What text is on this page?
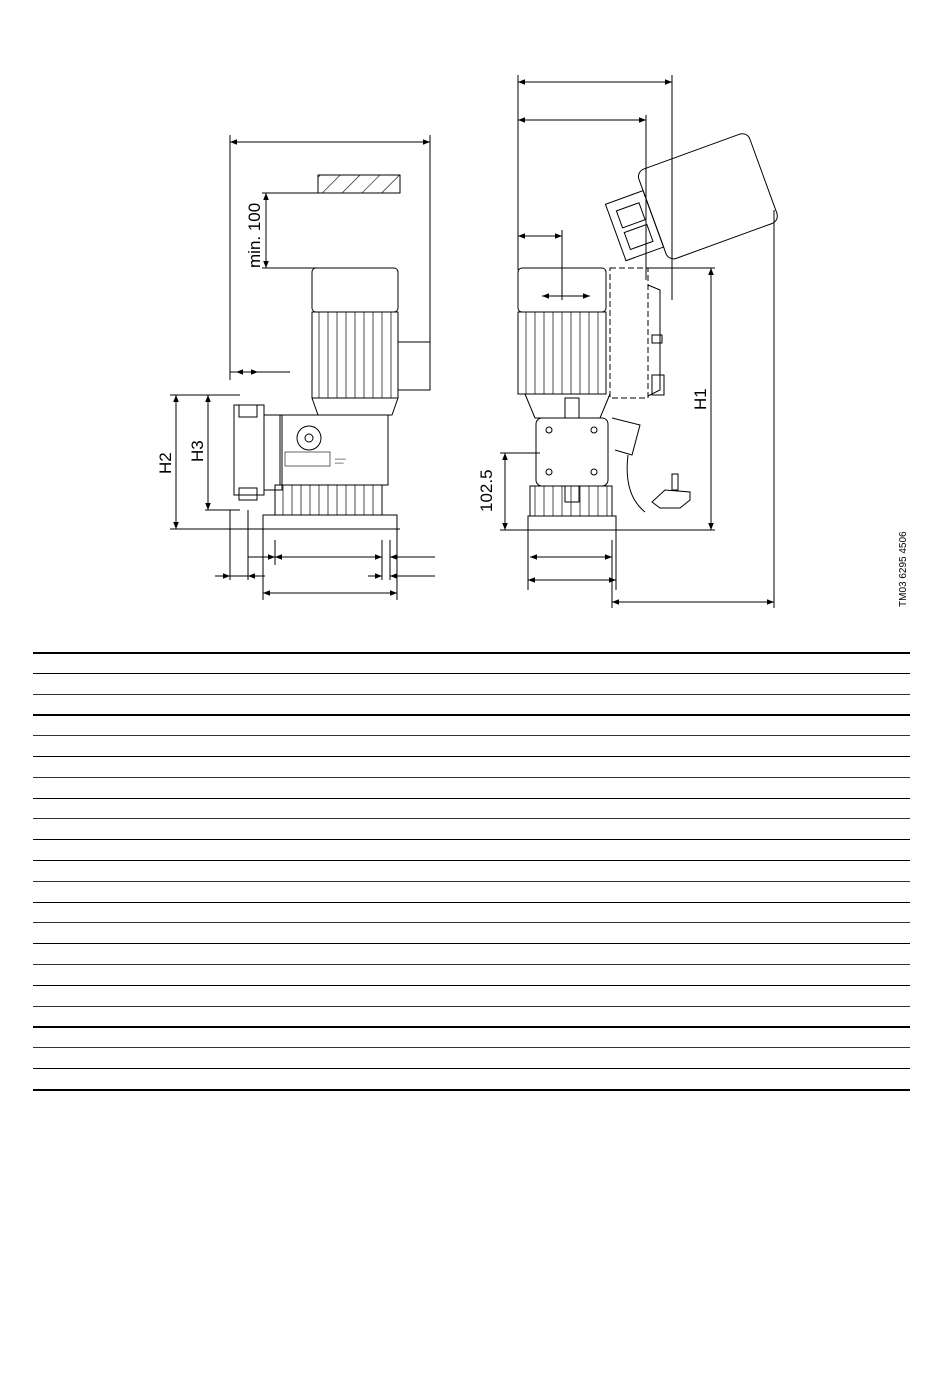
▪▪▪▪▪▪▪▪▪▪
▪▪▪▪▪▪▪▪
min. 100
H2
H3
H1
102.5
TM03 6295 4506
